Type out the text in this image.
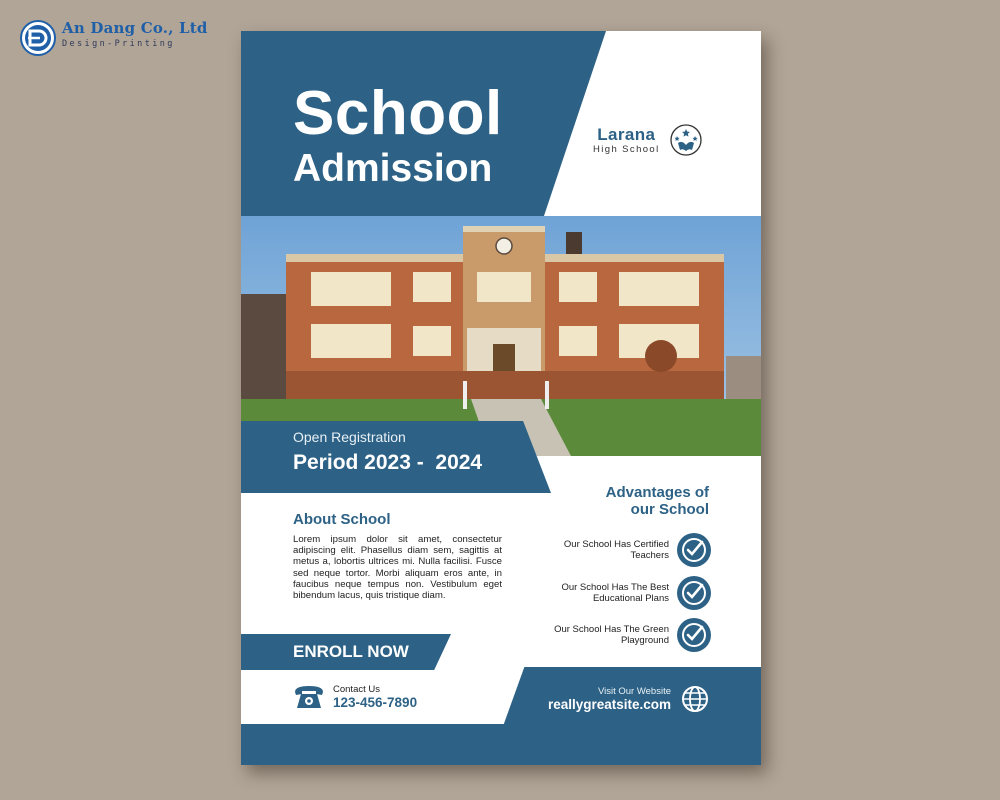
An Dang Co., Ltd
Design-Printing
School
Admission
Larana
High School
Open Registration
Period 2023 -  2024
About School
Lorem ipsum dolor sit amet, consectetur adipiscing elit. Phasellus diam sem, sagittis at metus a, lobortis ultrices mi. Nulla facilisi. Fusce sed neque tortor. Morbi aliquam eros ante, in faucibus neque tempus non. Vestibulum eget bibendum lacus, quis tristique diam.
Advantages of
our School
Our School Has Certified
Teachers
Our School Has The Best
Educational Plans
Our School Has The Green
Playground
ENROLL NOW
Contact Us
123-456-7890
Visit Our Website
reallygreatsite.com
